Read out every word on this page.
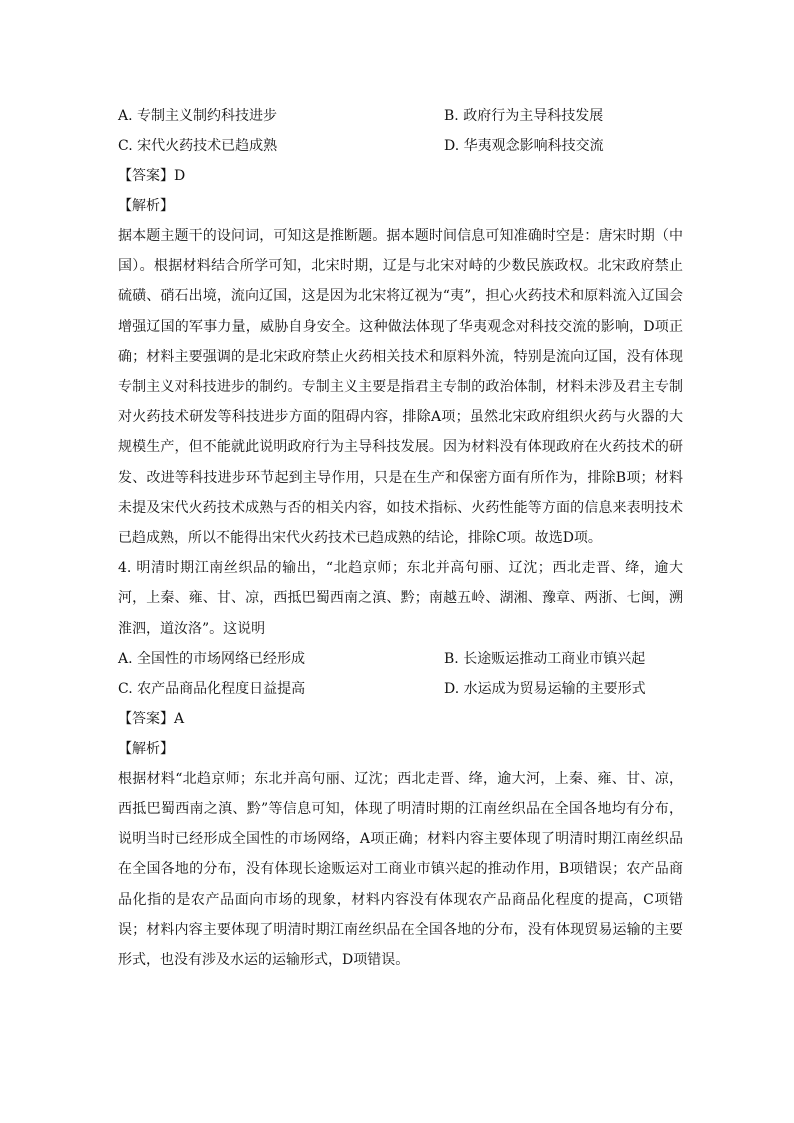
A. 专制主义制约科技进步	B. 政府行为主导科技发展
C. 宋代火药技术已趋成熟	D. 华夷观念影响科技交流
【答案】D
【解析】
据本题主题干的设问词，可知这是推断题。据本题时间信息可知准确时空是：唐宋时期（中国）。根据材料结合所学可知，北宋时期，辽是与北宋对峙的少数民族政权。北宋政府禁止硫磺、硝石出境，流向辽国，这是因为北宋将辽视为“夷”，担心火药技术和原料流入辽国会增强辽国的军事力量，威胁自身安全。这种做法体现了华夷观念对科技交流的影响，D项正确；材料主要强调的是北宋政府禁止火药相关技术和原料外流，特别是流向辽国，没有体现专制主义对科技进步的制约。专制主义主要是指君主专制的政治体制，材料未涉及君主专制对火药技术研发等科技进步方面的阻碍内容，排除A项；虽然北宋政府组织火药与火器的大规模生产，但不能就此说明政府行为主导科技发展。因为材料没有体现政府在火药技术的研发、改进等科技进步环节起到主导作用，只是在生产和保密方面有所作为，排除B项；材料未提及宋代火药技术成熟与否的相关内容，如技术指标、火药性能等方面的信息来表明技术已趋成熟，所以不能得出宋代火药技术已趋成熟的结论，排除C项。故选D项。
4. 明清时期江南丝织品的输出，“北趋京师；东北并高句丽、辽沈；西北走晋、绛，逾大河，上秦、雍、甘、凉，西抵巴蜀西南之滇、黔；南越五岭、湖湘、豫章、两浙、七闽，溯淮泗，道汝洛”。这说明
A. 全国性的市场网络已经形成	B. 长途贩运推动工商业市镇兴起
C. 农产品商品化程度日益提高	D. 水运成为贸易运输的主要形式
【答案】A
【解析】
根据材料“北趋京师；东北并高句丽、辽沈；西北走晋、绛，逾大河，上秦、雍、甘、凉，西抵巴蜀西南之滇、黔”等信息可知，体现了明清时期的江南丝织品在全国各地均有分布，说明当时已经形成全国性的市场网络，A项正确；材料内容主要体现了明清时期江南丝织品在全国各地的分布，没有体现长途贩运对工商业市镇兴起的推动作用，B项错误；农产品商品化指的是农产品面向市场的现象，材料内容没有体现农产品商品化程度的提高，C项错误；材料内容主要体现了明清时期江南丝织品在全国各地的分布，没有体现贸易运输的主要形式，也没有涉及水运的运输形式，D项错误。
